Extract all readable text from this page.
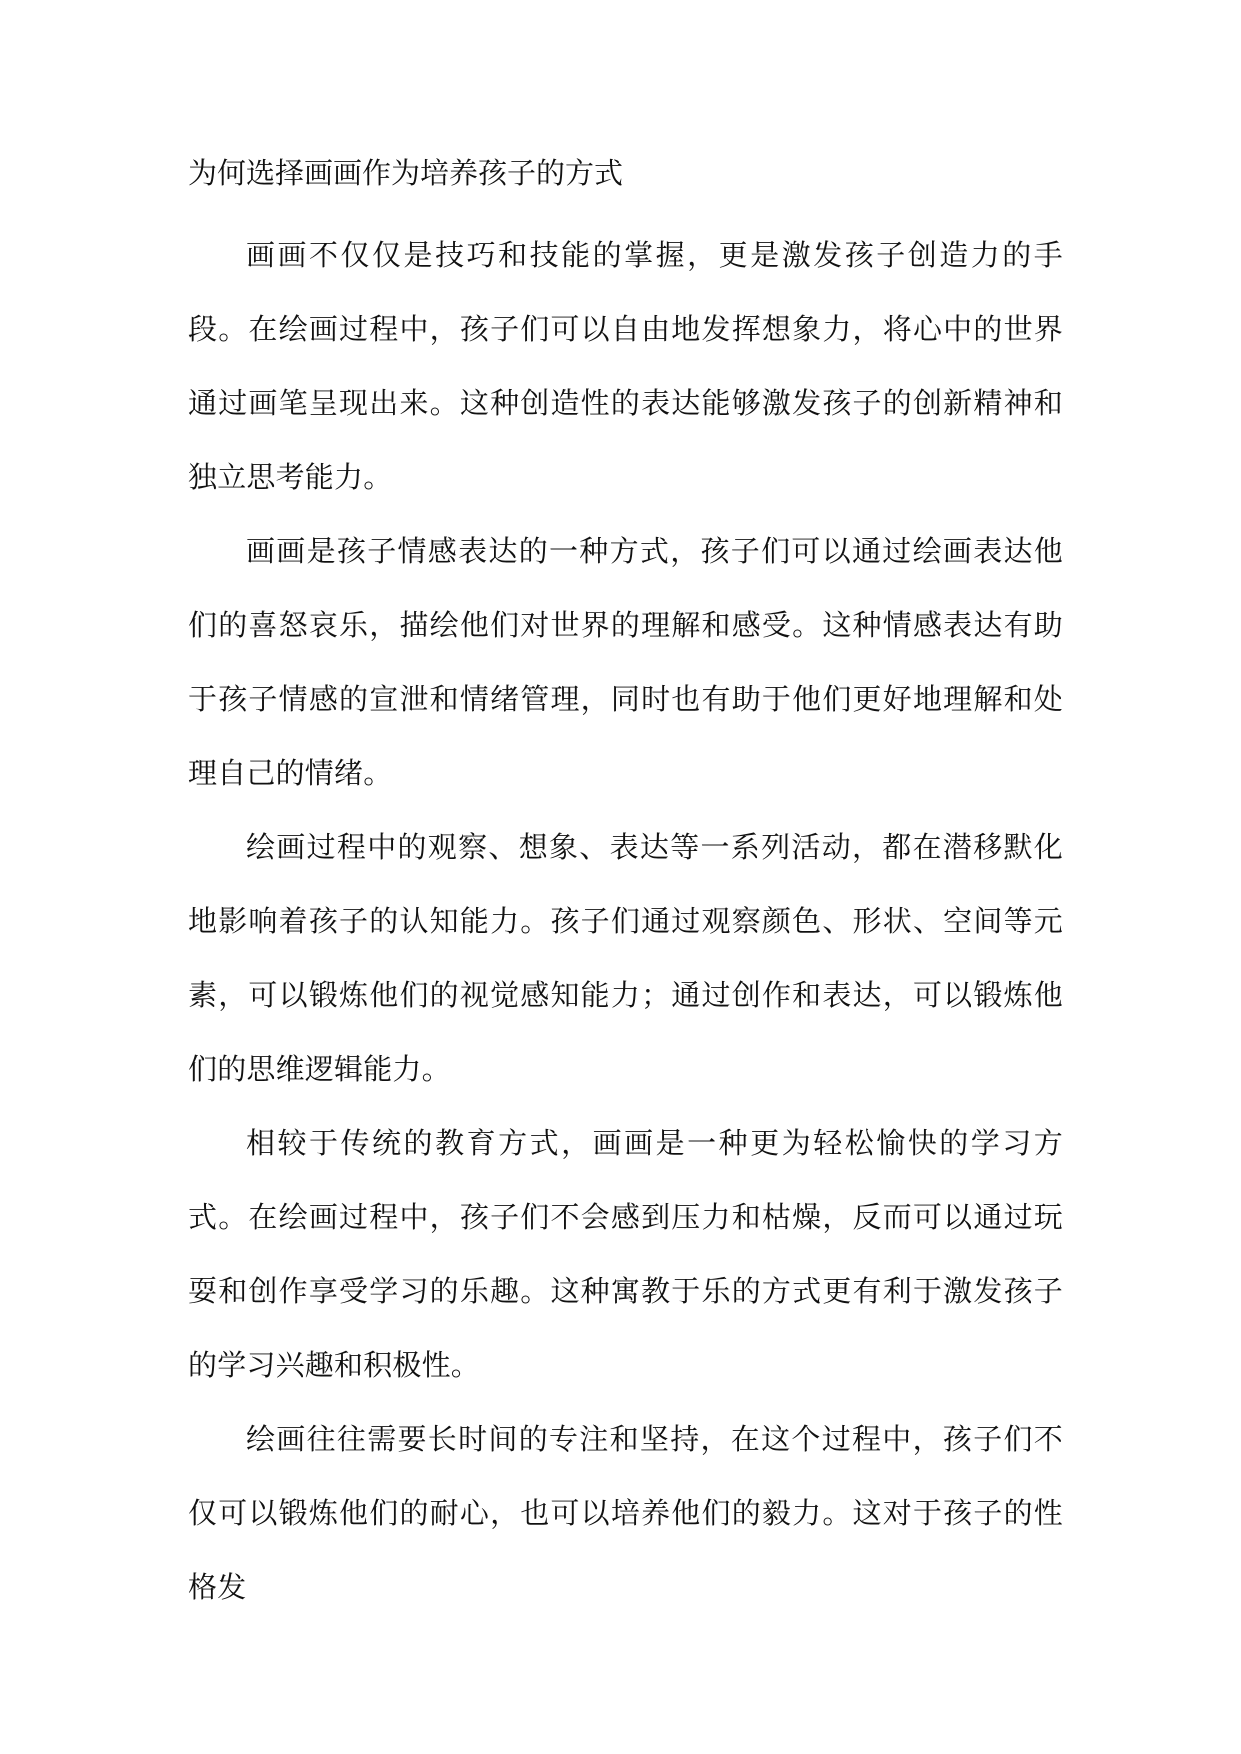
为何选择画画作为培养孩子的方式

画画不仅仅是技巧和技能的掌握，更是激发孩子创造力的手段。在绘画过程中，孩子们可以自由地发挥想象力，将心中的世界通过画笔呈现出来。这种创造性的表达能够激发孩子的创新精神和独立思考能力。

画画是孩子情感表达的一种方式，孩子们可以通过绘画表达他们的喜怒哀乐，描绘他们对世界的理解和感受。这种情感表达有助于孩子情感的宣泄和情绪管理，同时也有助于他们更好地理解和处理自己的情绪。

绘画过程中的观察、想象、表达等一系列活动，都在潜移默化地影响着孩子的认知能力。孩子们通过观察颜色、形状、空间等元素，可以锻炼他们的视觉感知能力；通过创作和表达，可以锻炼他们的思维逻辑能力。

相较于传统的教育方式，画画是一种更为轻松愉快的学习方式。在绘画过程中，孩子们不会感到压力和枯燥，反而可以通过玩耍和创作享受学习的乐趣。这种寓教于乐的方式更有利于激发孩子的学习兴趣和积极性。

绘画往往需要长时间的专注和坚持，在这个过程中，孩子们不仅可以锻炼他们的耐心，也可以培养他们的毅力。这对于孩子的性格发
